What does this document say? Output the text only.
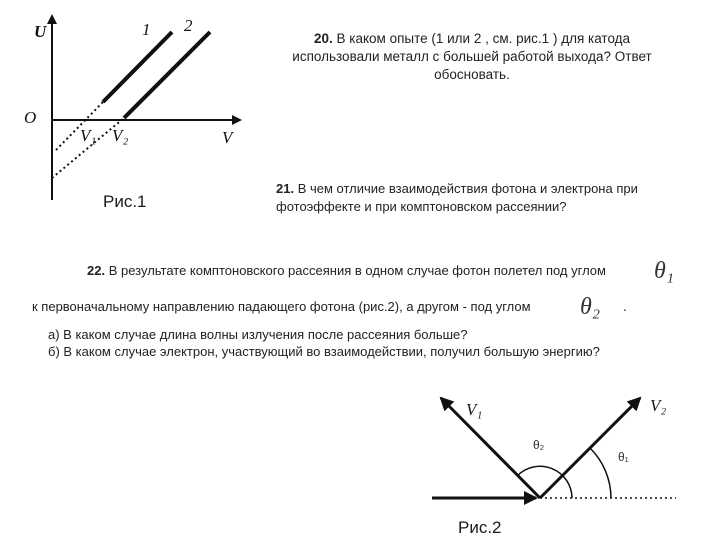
U	1 2
O
V₁ V₂	V
Рис.1
20. В каком опыте (1 или 2 , см. рис.1 ) для катода
использовали металл с большей работой выхода? Ответ
обосновать.
21. В чем отличие взаимодействия фотона и электрона при
фотоэффекте и при комптоновском рассеянии?
22. В результате комптоновского рассеяния в одном случае фотон полетел под углом θ₁
к первоначальному направлению падающего фотона (рис.2), а другом - под углом θ₂ .
а) В каком случае длина волны излучения после рассеяния больше?
б) В каком случае электрон, участвующий во взаимодействии, получил большую энергию?
V₁	V₂
θ₂
θ₁
Рис.2
